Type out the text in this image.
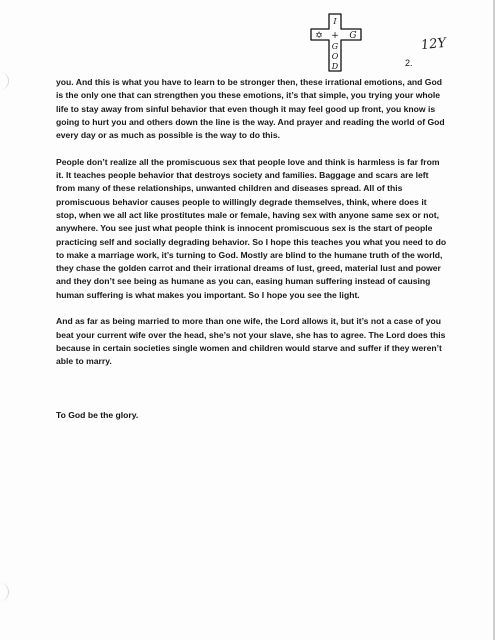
I
+
G
O
D
✡	G	12Y
2.

you. And this is what you have to learn to be stronger then, these irrational emotions, and God is the only one that can strengthen you these emotions, it’s that simple, you trying your whole life to stay away from sinful behavior that even though it may feel good up front, you know is going to hurt you and others down the line is the way. And prayer and reading the world of God every day or as much as possible is the way to do this.

People don’t realize all the promiscuous sex that people love and think is harmless is far from it. It teaches people behavior that destroys society and families. Baggage and scars are left from many of these relationships, unwanted children and diseases spread. All of this promiscuous behavior causes people to willingly degrade themselves, think, where does it stop, when we all act like prostitutes male or female, having sex with anyone same sex or not, anywhere. You see just what people think is innocent promiscuous sex is the start of people practicing self and socially degrading behavior. So I hope this teaches you what you need to do to make a marriage work, it’s turning to God. Mostly are blind to the humane truth of the world, they chase the golden carrot and their irrational dreams of lust, greed, material lust and power and they don’t see being as humane as you can, easing human suffering instead of causing human suffering is what makes you important. So I hope you see the light.

And as far as being married to more than one wife, the Lord allows it, but it’s not a case of you beat your current wife over the head, she’s not your slave, she has to agree. The Lord does this because in certain societies single women and children would starve and suffer if they weren’t able to marry.

To God be the glory.
